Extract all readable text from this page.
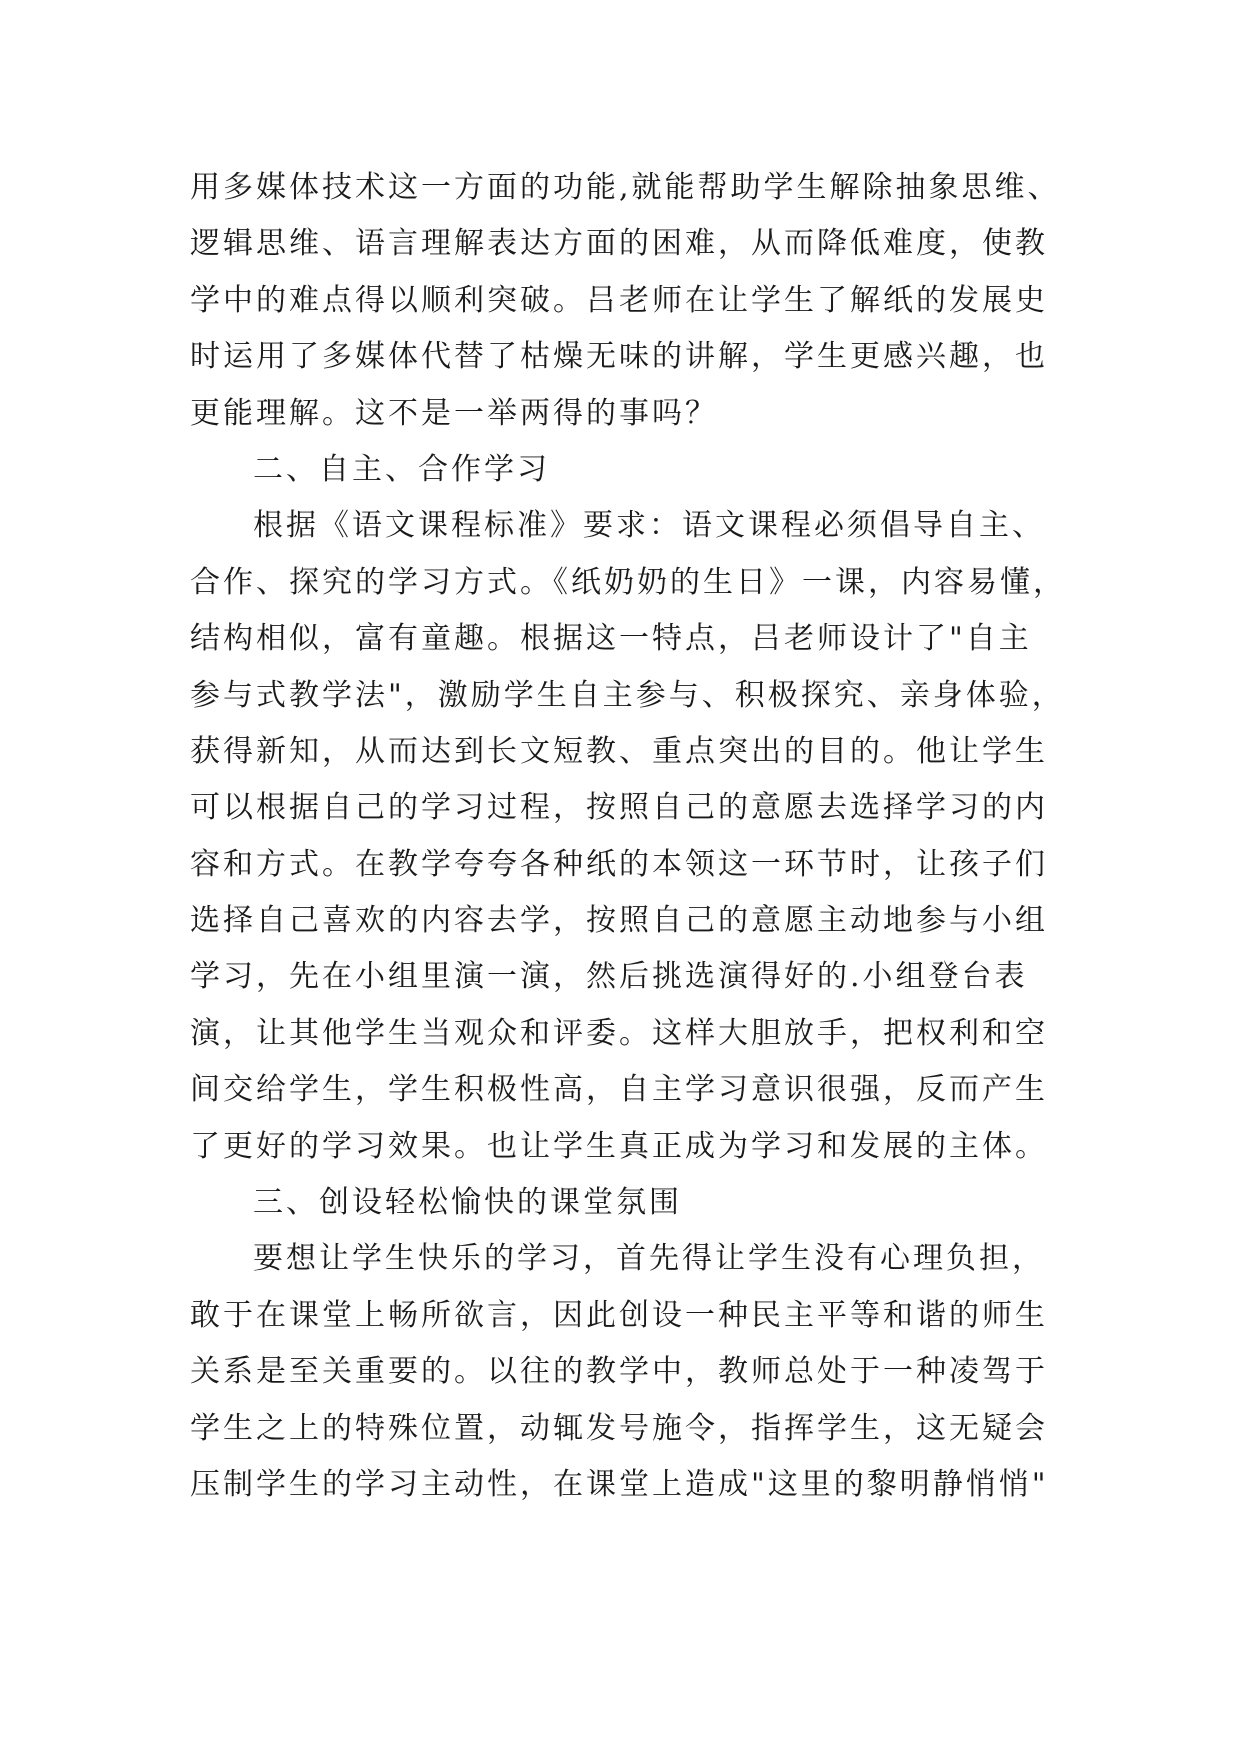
用多媒体技术这一方面的功能,就能帮助学生解除抽象思维、

逻辑思维、语言理解表达方面的困难，从而降低难度，使教

学中的难点得以顺利突破。吕老师在让学生了解纸的发展史

时运用了多媒体代替了枯燥无味的讲解，学生更感兴趣，也

更能理解。这不是一举两得的事吗？

二、自主、合作学习

根据《语文课程标准》要求：语文课程必须倡导自主、

合作、探究的学习方式。《纸奶奶的生日》一课，内容易懂，

结构相似，富有童趣。根据这一特点，吕老师设计了"自主

参与式教学法"，激励学生自主参与、积极探究、亲身体验，

获得新知，从而达到长文短教、重点突出的目的。他让学生

可以根据自己的学习过程，按照自己的意愿去选择学习的内

容和方式。在教学夸夸各种纸的本领这一环节时，让孩子们

选择自己喜欢的内容去学，按照自己的意愿主动地参与小组

学习，先在小组里演一演，然后挑选演得好的.小组登台表

演，让其他学生当观众和评委。这样大胆放手，把权利和空

间交给学生，学生积极性高，自主学习意识很强，反而产生

了更好的学习效果。也让学生真正成为学习和发展的主体。

三、创设轻松愉快的课堂氛围

要想让学生快乐的学习，首先得让学生没有心理负担，

敢于在课堂上畅所欲言，因此创设一种民主平等和谐的师生

关系是至关重要的。以往的教学中，教师总处于一种凌驾于

学生之上的特殊位置，动辄发号施令，指挥学生，这无疑会

压制学生的学习主动性，在课堂上造成"这里的黎明静悄悄"
